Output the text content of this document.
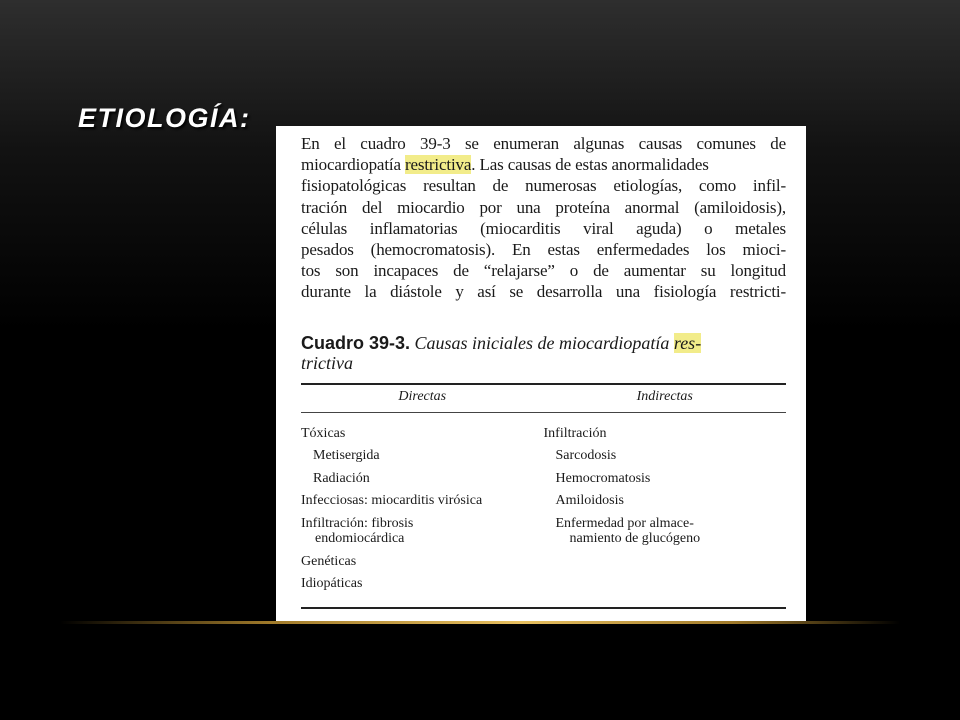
ETIOLOGÍA:

En el cuadro 39-3 se enumeran algunas causas comunes de
miocardiopatía restrictiva. Las causas de estas anormalidades
fisiopatológicas resultan de numerosas etiologías, como infil-
tración del miocardio por una proteína anormal (amiloidosis),
células inflamatorias (miocarditis viral aguda) o metales
pesados (hemocromatosis). En estas enfermedades los mioci-
tos son incapaces de “relajarse” o de aumentar su longitud
durante la diástole y así se desarrolla una fisiología restricti-

Cuadro 39-3. Causas iniciales de miocardiopatía res-
trictiva
Directas	Indirectas
Tóxicas
Metisergida
Radiación
Infecciosas: miocarditis virósica
Infiltración: fibrosis
endomiocárdica
Genéticas
Idiopáticas
Infiltración
Sarcodosis
Hemocromatosis
Amiloidosis
Enfermedad por almace-
namiento de glucógeno
